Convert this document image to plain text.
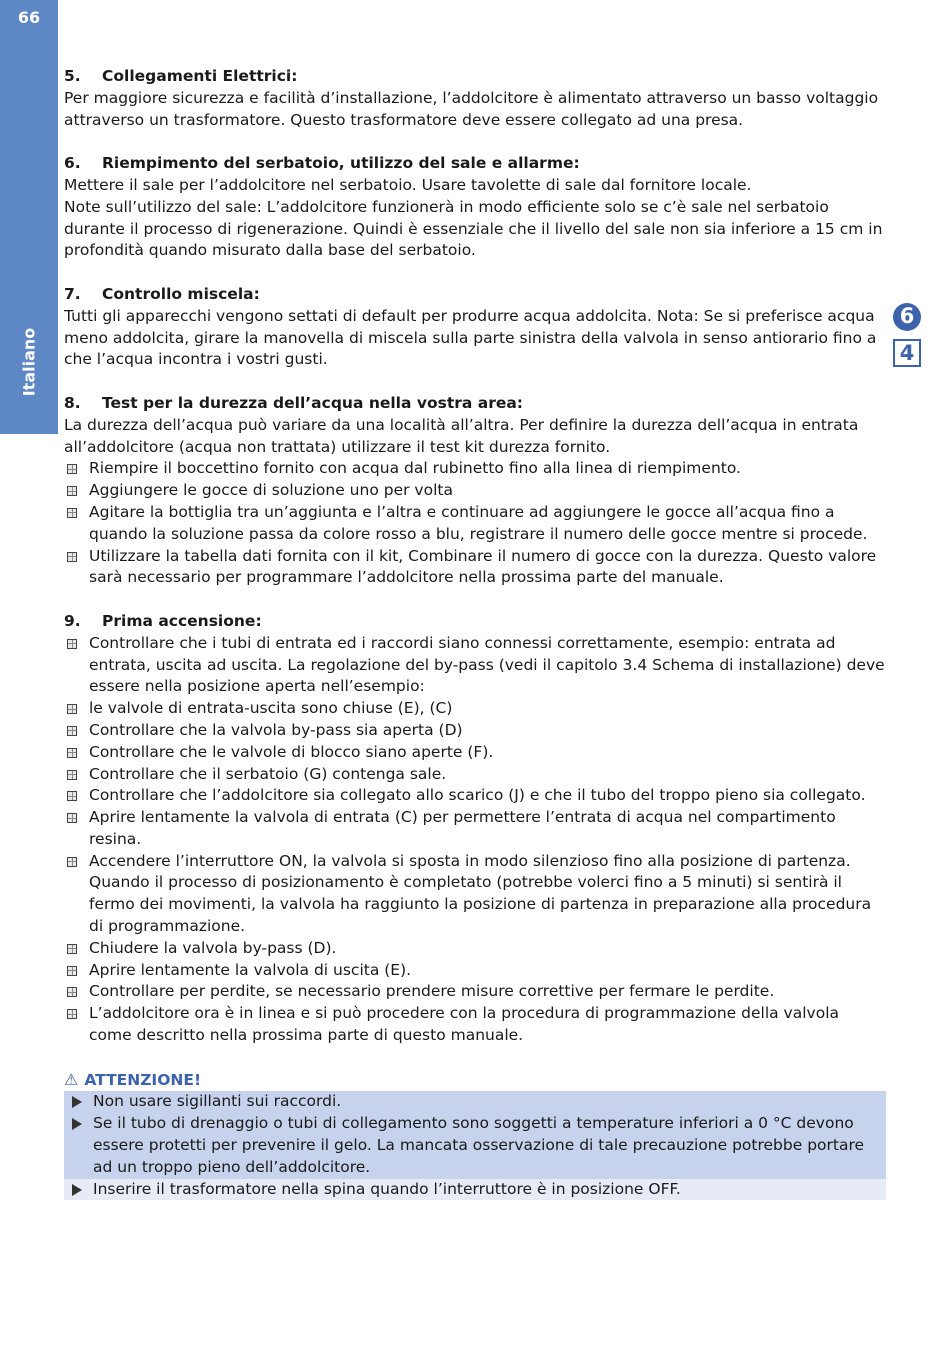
66
Italiano
6
4

5. Collegamenti Elettrici:

Per maggiore sicurezza e facilità d’installazione, l’addolcitore è alimentato attraverso un basso voltaggio attraverso un trasformatore. Questo trasformatore deve essere collegato ad una presa.

6. Riempimento del serbatoio, utilizzo del sale e allarme:

Mettere il sale per l’addolcitore nel serbatoio. Usare tavolette di sale dal fornitore locale.

Note sull’utilizzo del sale: L’addolcitore funzionerà in modo efficiente solo se c’è sale nel serbatoio durante il processo di rigenerazione. Quindi è essenziale che il livello del sale non sia inferiore a 15 cm in profondità quando misurato dalla base del serbatoio.

7. Controllo miscela:

Tutti gli apparecchi vengono settati di default per produrre acqua addolcita. Nota: Se si preferisce acqua meno addolcita, girare la manovella di miscela sulla parte sinistra della valvola in senso antiorario fino a che l’acqua incontra i vostri gusti.

8. Test per la durezza dell’acqua nella vostra area:

La durezza dell’acqua può variare da una località all’altra. Per definire la durezza dell’acqua in entrata all’addolcitore (acqua non trattata) utilizzare il test kit durezza fornito.

Riempire il boccettino fornito con acqua dal rubinetto fino alla linea di riempimento.
Aggiungere le gocce di soluzione uno per volta
Agitare la bottiglia tra un’aggiunta e l’altra e continuare ad aggiungere le gocce all’acqua fino a quando la soluzione passa da colore rosso a blu, registrare il numero delle gocce mentre si procede.
Utilizzare la tabella dati fornita con il kit, Combinare il numero di gocce con la durezza. Questo valore sarà necessario per programmare l’addolcitore nella prossima parte del manuale.

9. Prima accensione:

Controllare che i tubi di entrata ed i raccordi siano connessi correttamente, esempio: entrata ad entrata, uscita ad uscita. La regolazione del by-pass (vedi il capitolo 3.4 Schema di installazione) deve essere nella posizione aperta nell’esempio:
le valvole di entrata-uscita sono chiuse (E), (C)
Controllare che la valvola by-pass sia aperta (D)
Controllare che le valvole di blocco siano aperte (F).
Controllare che il serbatoio (G) contenga sale.
Controllare che l’addolcitore sia collegato allo scarico (J) e che il tubo del troppo pieno sia collegato.
Aprire lentamente la valvola di entrata (C) per permettere l’entrata di acqua nel compartimento resina.
Accendere l’interruttore ON, la valvola si sposta in modo silenzioso fino alla posizione di partenza. Quando il processo di posizionamento è completato (potrebbe volerci fino a 5 minuti) si sentirà il fermo dei movimenti, la valvola ha raggiunto la posizione di partenza in preparazione alla procedura di programmazione.
Chiudere la valvola by-pass (D).
Aprire lentamente la valvola di uscita (E).
Controllare per perdite, se necessario prendere misure correttive per fermare le perdite.
L’addolcitore ora è in linea e si può procedere con la procedura di programmazione della valvola come descritto nella prossima parte di questo manuale.

⚠ ATTENZIONE!

Non usare sigillanti sui raccordi.
Se il tubo di drenaggio o tubi di collegamento sono soggetti a temperature inferiori a 0 °C devono essere protetti per prevenire il gelo. La mancata osservazione di tale precauzione potrebbe portare ad un troppo pieno dell’addolcitore.
Inserire il trasformatore nella spina quando l’interruttore è in posizione OFF.
